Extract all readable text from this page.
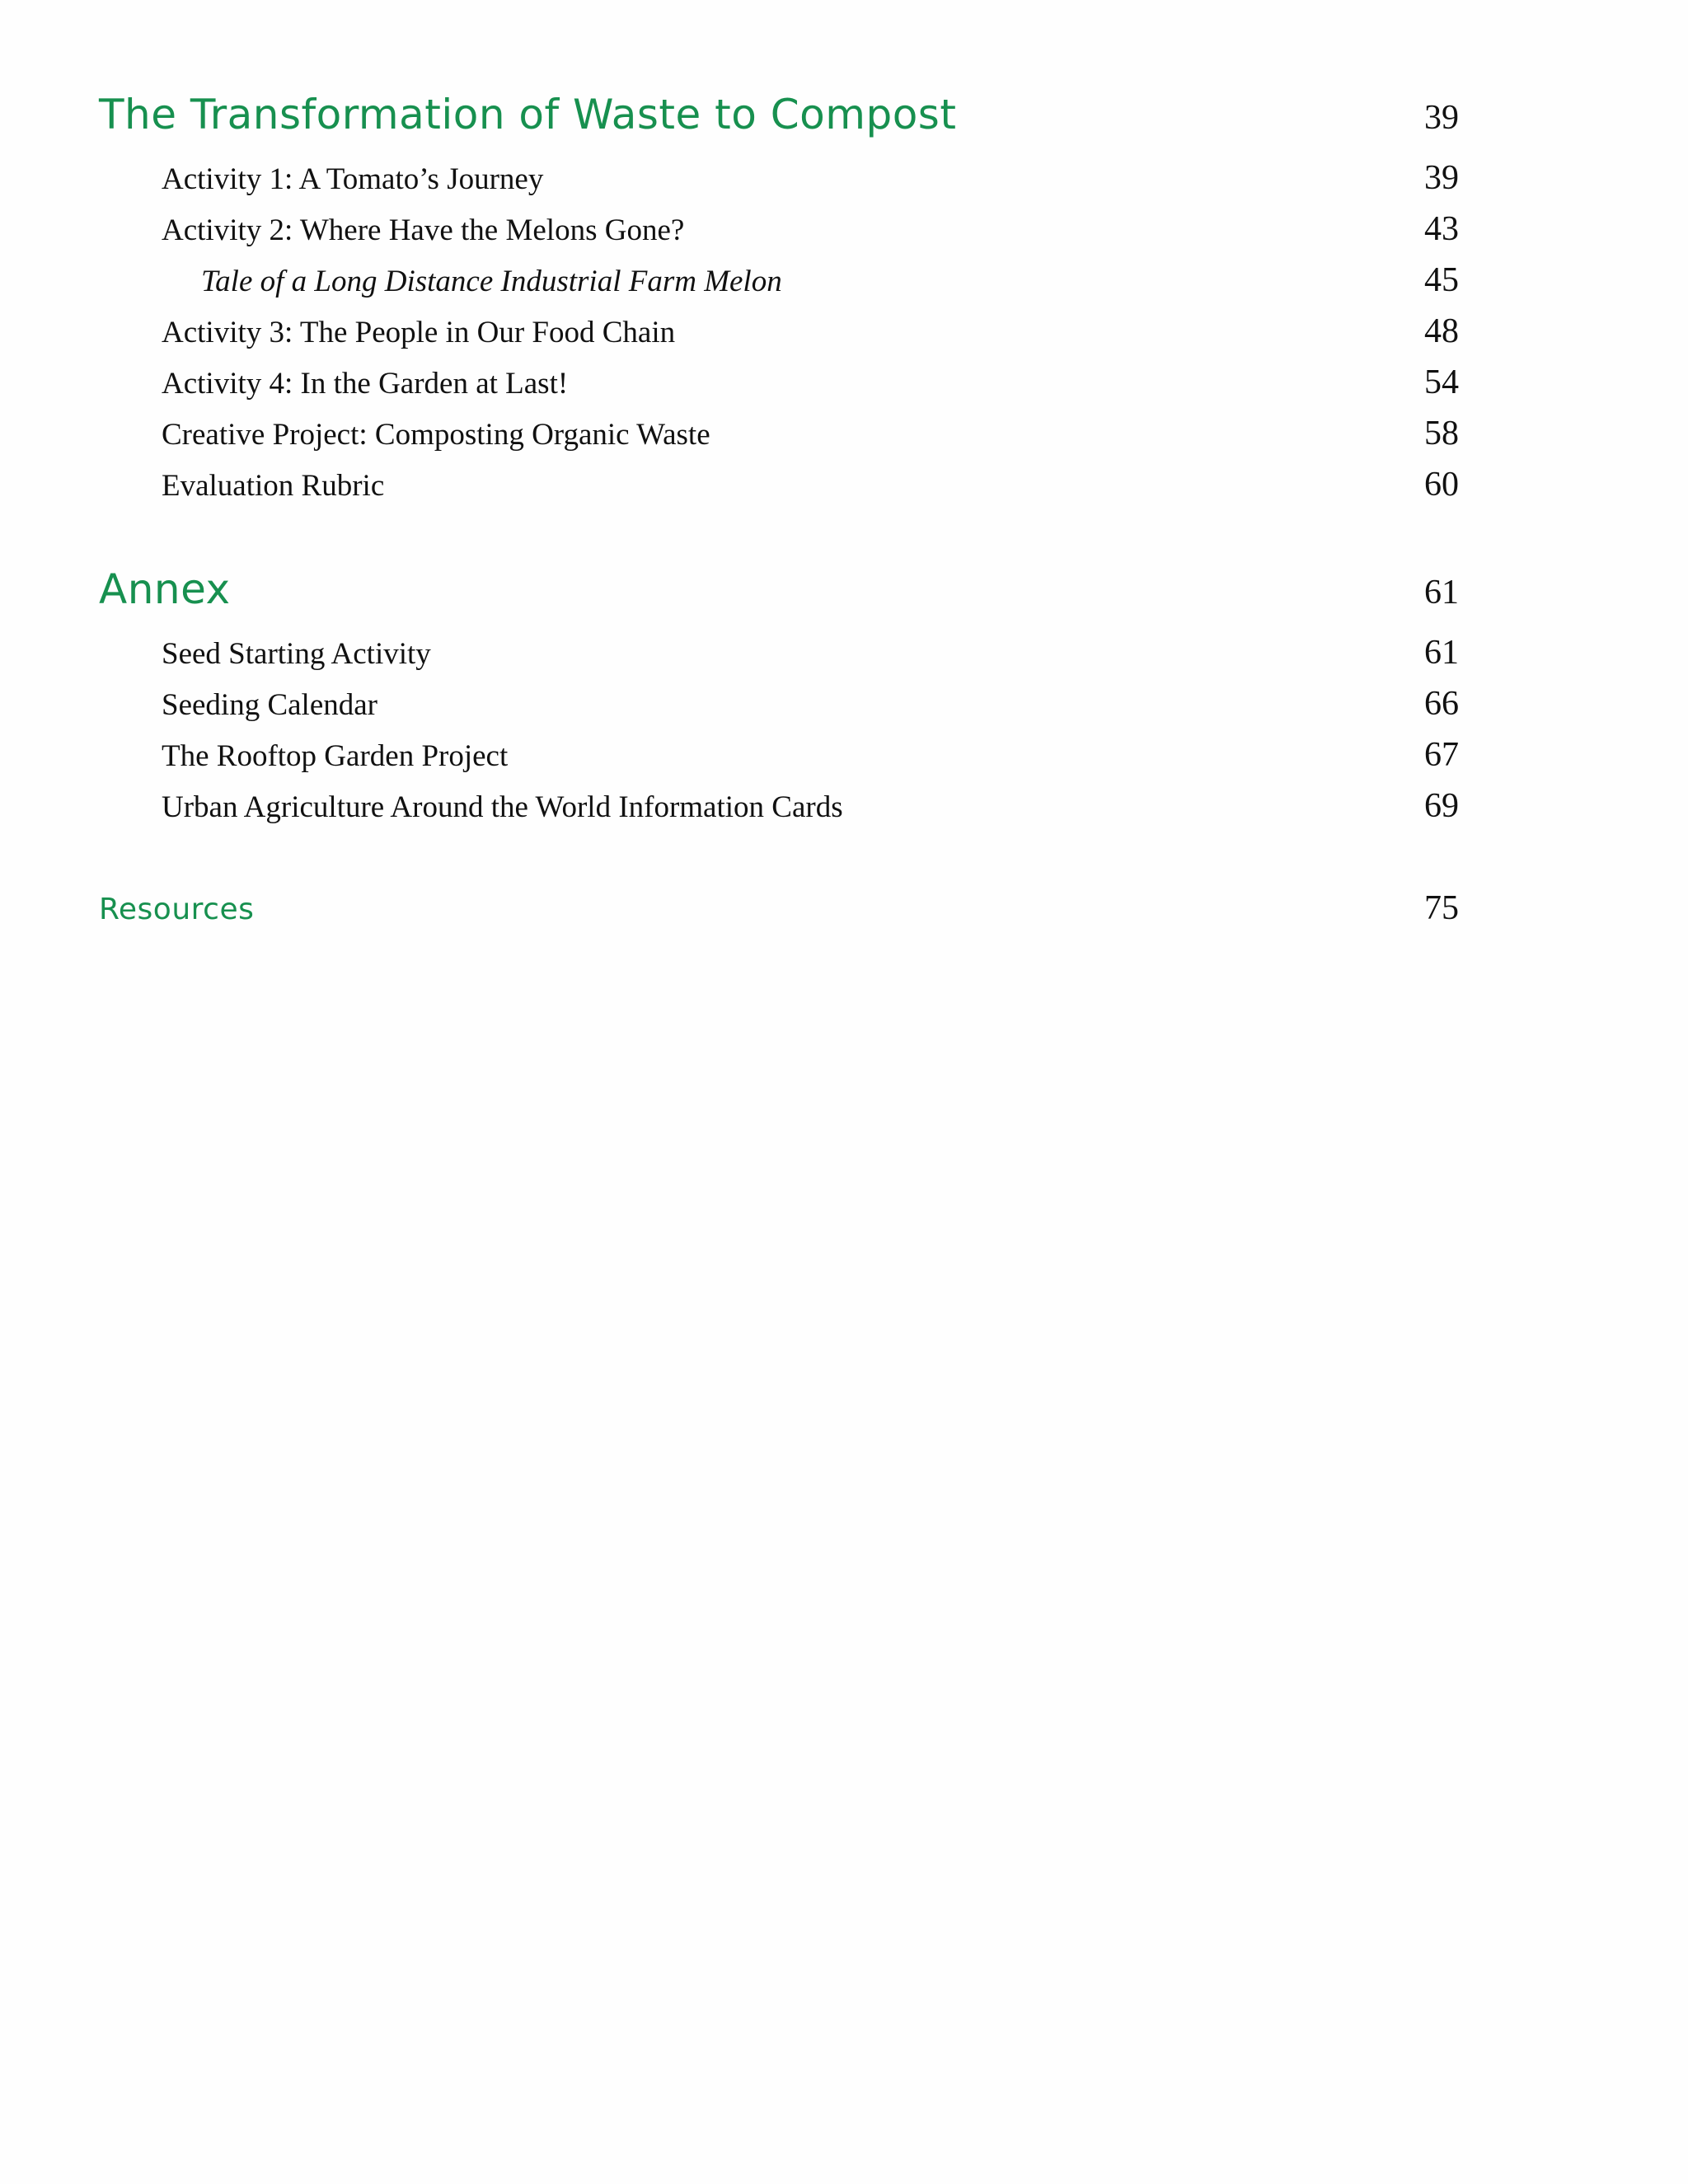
The Transformation of Waste to Compost	39
Activity 1: A Tomato’s Journey	39
Activity 2: Where Have the Melons Gone?	43
Tale of a Long Distance Industrial Farm Melon	45
Activity 3: The People in Our Food Chain	48
Activity 4: In the Garden at Last!	54
Creative Project: Composting Organic Waste	58
Evaluation Rubric	60
Annex	61
Seed Starting Activity	61
Seeding Calendar	66
The Rooftop Garden Project	67
Urban Agriculture Around the World Information Cards	69
Resources	75
